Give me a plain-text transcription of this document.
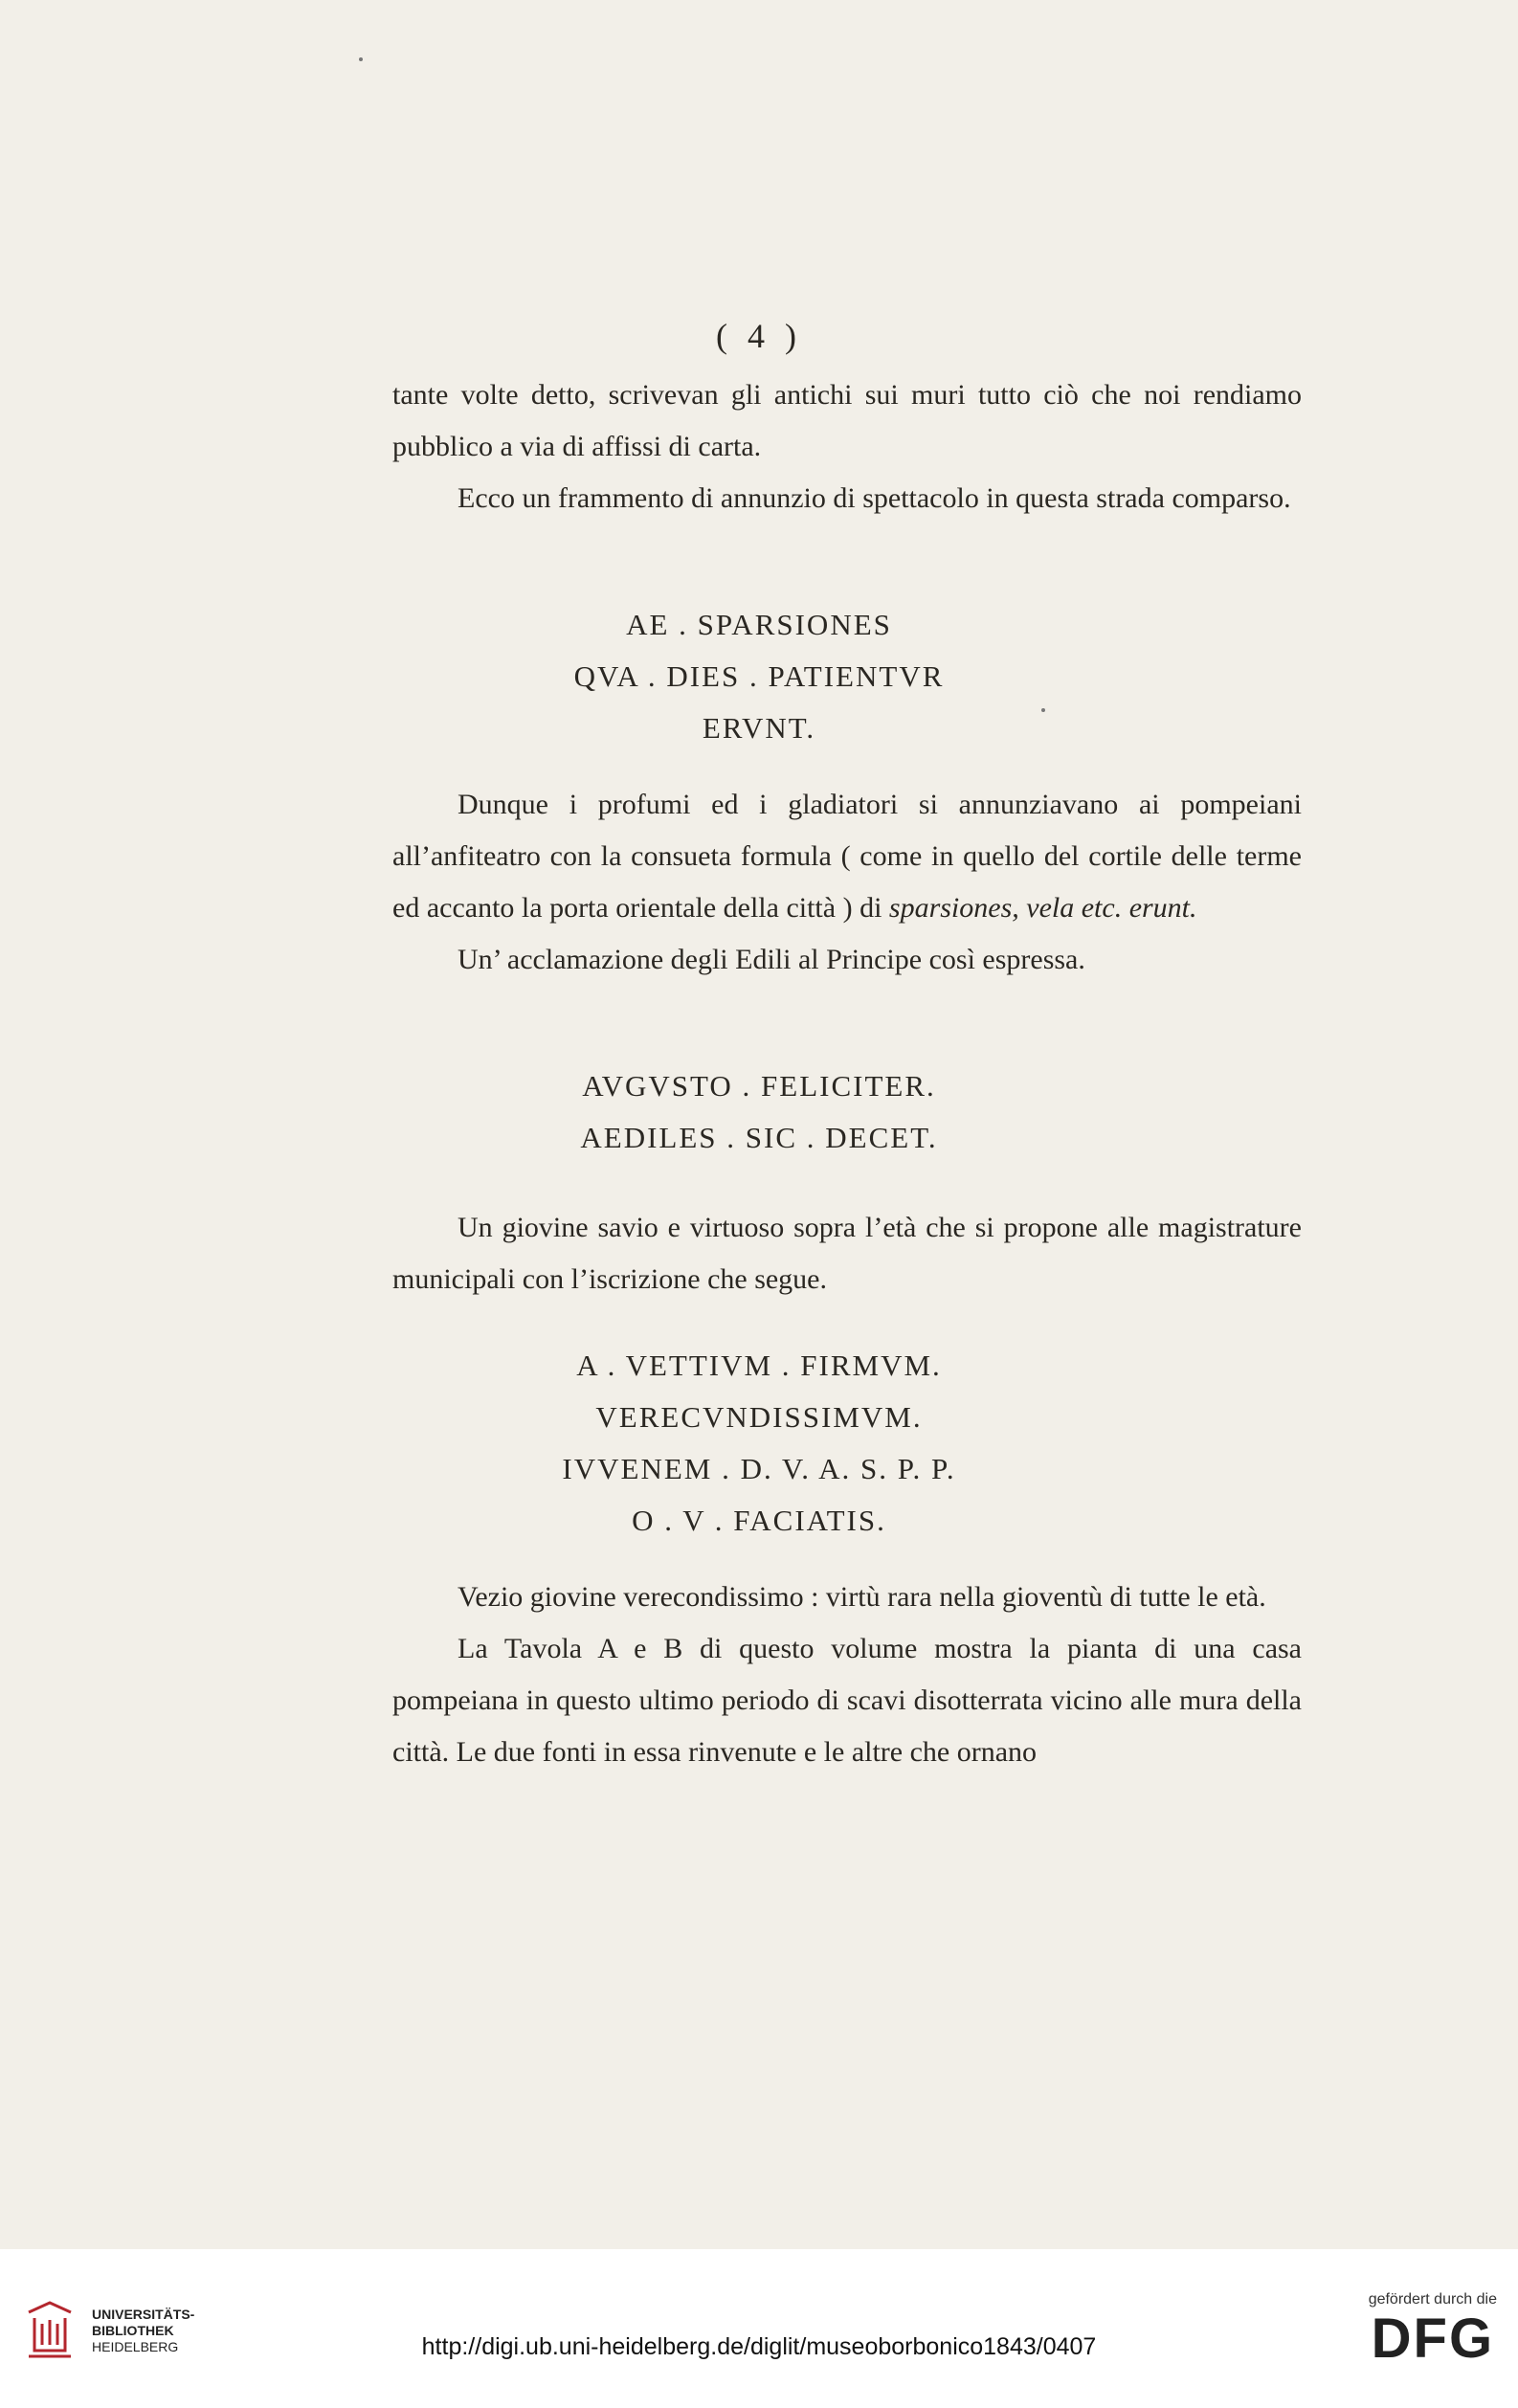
( 4 )

tante volte detto, scrivevan gli antichi sui muri tutto ciò che noi rendiamo pubblico a via di affissi di carta.

Ecco un frammento di annunzio di spettacolo in questa strada comparso.

AE . SPARSIONES
QVA . DIES . PATIENTVR
ERVNT.

Dunque i profumi ed i gladiatori si annunziavano ai pompeiani all’anfiteatro con la consueta formula ( come in quello del cortile delle terme ed accanto la porta orientale della città ) di sparsiones, vela etc. erunt.

Un’ acclamazione degli Edili al Principe così espressa.

AVGVSTO . FELICITER.
AEDILES . SIC . DECET.

Un giovine savio e virtuoso sopra l’età che si propone alle magistrature municipali con l’iscrizione che segue.

A . VETTIVM . FIRMVM.
VERECVNDISSIMVM.
IVVENEM . D. V. A. S. P. P.
O . V . FACIATIS.

Vezio giovine verecondissimo : virtù rara nella gioventù di tutte le età.

La Tavola A e B di questo volume mostra la pianta di una casa pompeiana in questo ultimo periodo di scavi disotterrata vicino alle mura della città. Le due fonti in essa rinvenute e le altre che ornano

UNIVERSITÄTS-
BIBLIOTHEK
HEIDELBERG	http://digi.ub.uni-heidelberg.de/diglit/museoborbonico1843/0407
gefördert durch die
DFG
